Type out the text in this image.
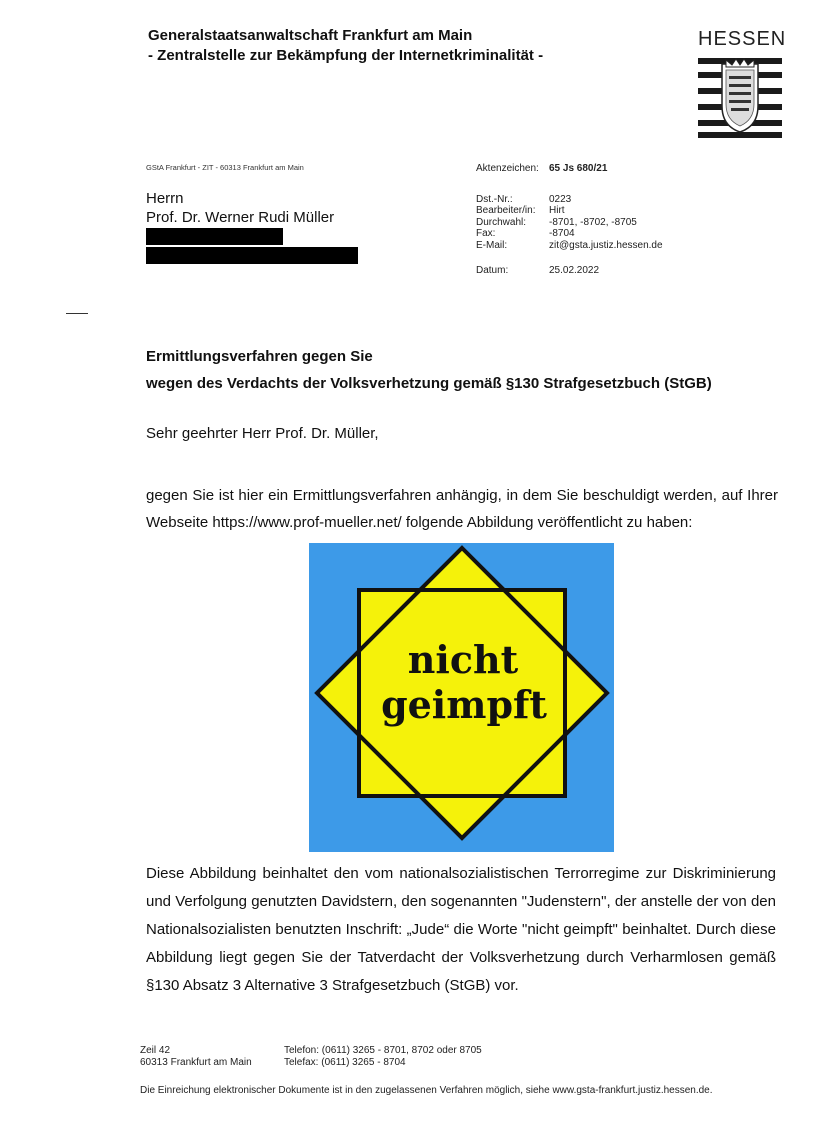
Generalstaatsanwaltschaft Frankfurt am Main
- Zentralstelle zur Bekämpfung der Internetkriminalität -
HESSEN
GStA Frankfurt - ZIT - 60313 Frankfurt am Main
Herrn
Prof. Dr. Werner Rudi Müller
Aktenzeichen:	65 Js 680/21
Dst.-Nr.:	0223
Bearbeiter/in:	Hirt
Durchwahl:	-8701, -8702, -8705
Fax:	-8704
E-Mail:	zit@gsta.justiz.hessen.de
Datum:	25.02.2022
Ermittlungsverfahren gegen Sie
wegen des Verdachts der Volksverhetzung gemäß §130 Strafgesetzbuch (StGB)
Sehr geehrter Herr Prof. Dr. Müller,
gegen Sie ist hier ein Ermittlungsverfahren anhängig, in dem Sie beschuldigt werden, auf Ihrer Webseite https://www.prof-mueller.net/ folgende Abbildung veröffentlicht zu haben:
nicht
geimpft
Diese Abbildung beinhaltet den vom nationalsozialistischen Terrorregime zur Diskriminierung und Verfolgung genutzten Davidstern, den sogenannten "Judenstern", der anstelle der von den Nationalsozialisten benutzten Inschrift: „Jude“ die Worte "nicht geimpft" beinhaltet. Durch diese Abbildung liegt gegen Sie der Tatverdacht der Volksverhetzung durch Verharmlosen gemäß §130 Absatz 3 Alternative 3 Strafgesetzbuch (StGB) vor.
Zeil 42
60313 Frankfurt am Main
Telefon: (0611) 3265 - 8701, 8702 oder 8705
Telefax: (0611) 3265 - 8704
Die Einreichung elektronischer Dokumente ist in den zugelassenen Verfahren möglich, siehe www.gsta-frankfurt.justiz.hessen.de.
